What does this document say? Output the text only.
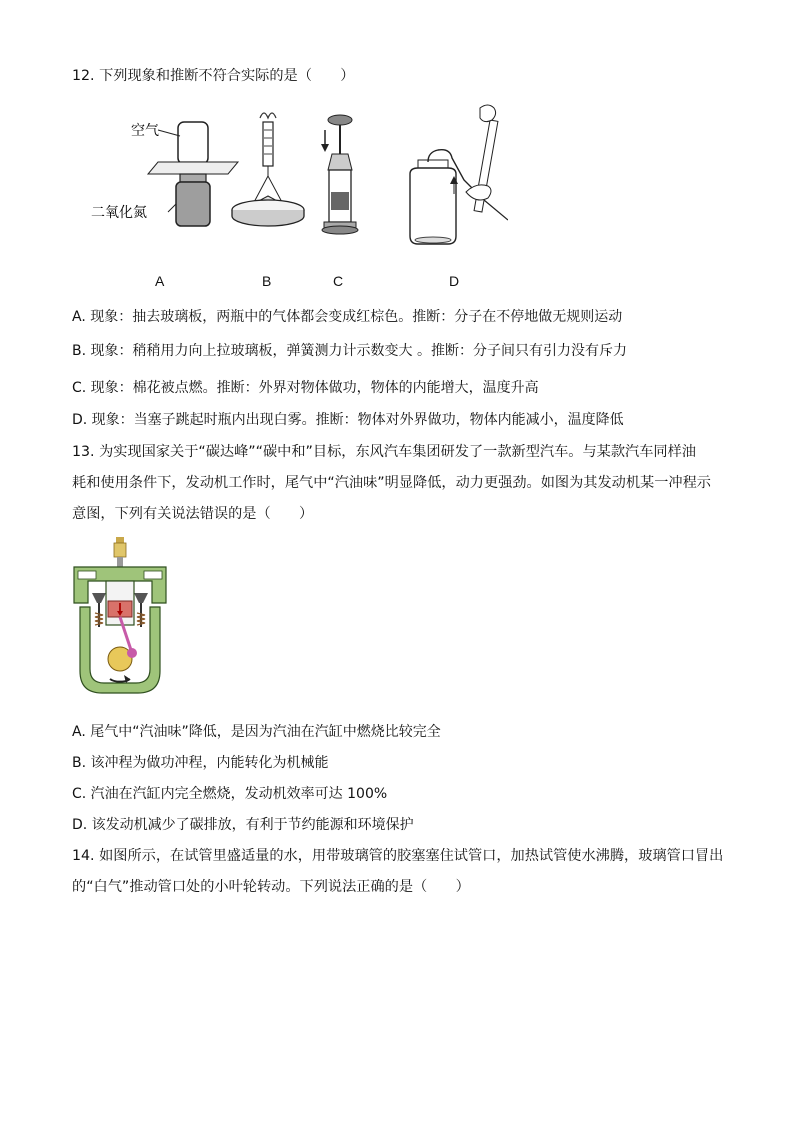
12. 下列现象和推断不符合实际的是（　　）
空气
二氧化氮
A	B	C	D
A. 现象：抽去玻璃板，两瓶中的气体都会变成红棕色。推断：分子在不停地做无规则运动
B. 现象：稍稍用力向上拉玻璃板，弹簧测力计示数变大 。推断：分子间只有引力没有斥力
C. 现象：棉花被点燃。推断：外界对物体做功，物体的内能增大，温度升高
D. 现象：当塞子跳起时瓶内出现白雾。推断：物体对外界做功，物体内能减小，温度降低
13. 为实现国家关于“碳达峰”“碳中和”目标，东风汽车集团研发了一款新型汽车。与某款汽车同样油
耗和使用条件下，发动机工作时，尾气中“汽油味”明显降低，动力更强劲。如图为其发动机某一冲程示
意图，下列有关说法错误的是（　　）
A. 尾气中“汽油味”降低，是因为汽油在汽缸中燃烧比较完全
B. 该冲程为做功冲程，内能转化为机械能
C. 汽油在汽缸内完全燃烧，发动机效率可达 100%
D. 该发动机减少了碳排放，有利于节约能源和环境保护
14. 如图所示，在试管里盛适量的水，用带玻璃管的胶塞塞住试管口，加热试管使水沸腾，玻璃管口冒出
的“白气”推动管口处的小叶轮转动。下列说法正确的是（　　）
